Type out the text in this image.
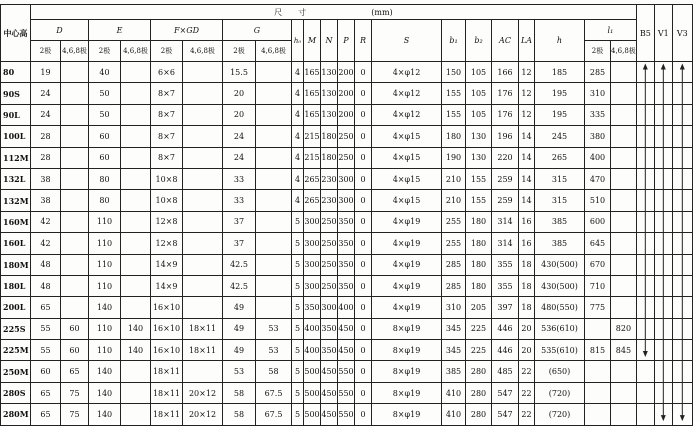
中心高	尺　　寸 (mm)																					B5	V1	V3
	D		E		F×GD		G		h₀	M	N	P	R	S	b₁	b₂	AC	LA	h	l₁				
	2极	4,6,8极	2极	4,6,8极	2极	4,6,8极	2极	4,6,8极												2极	4,6,8极			
80	19		40		6×6		15.5		4	165	130	200	0	4×φ12	150	105	166	12	185	285				
90S	24		50		8×7		20		4	165	130	200	0	4×φ12	155	105	176	12	195	310				
90L	24		50		8×7		20		4	165	130	200	0	4×φ12	155	105	176	12	195	335				
100L	28		60		8×7		24		4	215	180	250	0	4×φ15	180	130	196	14	245	380				
112M	28		60		8×7		24		4	215	180	250	0	4×φ15	190	130	220	14	265	400				
132L	38		80		10×8		33		4	265	230	300	0	4×φ15	210	155	259	14	315	470				
132M	38		80		10×8		33		4	265	230	300	0	4×φ15	210	155	259	14	315	510				
160M	42		110		12×8		37		5	300	250	350	0	4×φ19	255	180	314	16	385	600				
160L	42		110		12×8		37		5	300	250	350	0	4×φ19	255	180	314	16	385	645				
180M	48		110		14×9		42.5		5	300	250	350	0	4×φ19	285	180	355	18	430(500)	670				
180L	48		110		14×9		42.5		5	300	250	350	0	4×φ19	285	180	355	18	430(500)	710				
200L	65		140		16×10		49		5	350	300	400	0	4×φ19	310	205	397	18	480(550)	775				
225S	55	60	110	140	16×10	18×11	49	53	5	400	350	450	0	8×φ19	345	225	446	20	536(610)		820			
225M	55	60	110	140	16×10	18×11	49	53	5	400	350	450	0	8×φ19	345	225	446	20	535(610)	815	845			
250M	60	65	140		18×11		53	58	5	500	450	550	0	8×φ19	385	280	485	22	(650)					
280S	65	75	140		18×11	20×12	58	67.5	5	500	450	550	0	8×φ19	410	280	547	22	(720)					
280M	65	75	140		18×11	20×12	58	67.5	5	500	450	550	0	8×φ19	410	280	547	22	(720)					
